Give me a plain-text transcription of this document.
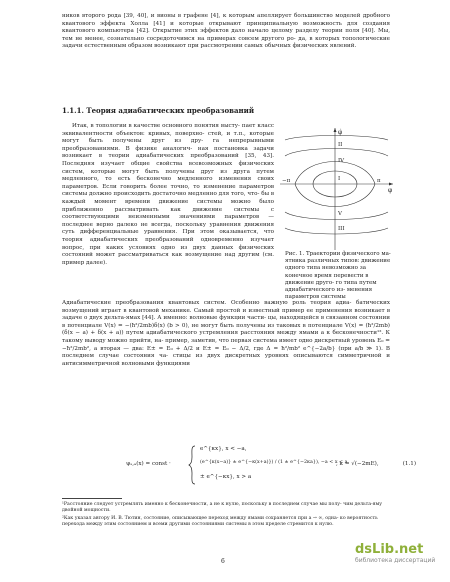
ников второго рода [39, 40], и вионы в графене [4], к которым апеллирует большинство моделей дробного квантового эффекта Холла [41] и которые открывают принципиальную возможность для создания квантового компьютера [42]. Открытие этих эффектов дало начало целому разделу теории поля [40]. Мы, тем не менее, сознательно сосредоточимся на примерах совсем другого ро- да, в которых топологические задачи естественным образом возникают при рассмотрении самых обычных физических явлений.

1.1.1. Теория адиабатических преобразований

Итак, в топологии в качестве основного понятия высту- пает класс эквивалентности объектов: кривых, поверхно- стей, и т.п., которые могут быть получены друг из дру- га непрерывными преобразованиями. В физике аналогич- ная постановка задачи возникает в теории адиабатических преобразований [35, 43]. Последняя изучает общие свойства всевозможных физических систем, которые могут быть получены друг из друга путем медленного, то есть бесконечно медленного изменения своих параметров. Если говорить более точно, то изменение параметров системы должно происходить достаточно медленно для того, что- бы в каждый момент времени движение системы можно было приближенно рассматривать как движение системы с соответствующими неизменными значениями параметров — последнее верно далеко не всегда, поскольку уравнения движения суть дифференциальные уравнения. При этом оказывается, что теория адиабатических преобразований одновременно изучает вопрос, при каких условиях одно из двух данных физических состояний может рассматриваться как возмущение над другим (см. пример далее).

φ̇
φ
−π	π
I
II
III
IV
V
Рис. 1. Траектории физического ма- ятника различных типов: движение одного типа невозможно за конечное время перевести в движение друго- го типа путем адиабатического из- менения параметров системы

Адиабатические преобразования квантовых систем. Особенно важную роль теория адиа- батических возмущений играет в квантовой механике. Самый простой и известный пример ее применения возникает в задаче о двух дельта-ямах [44]. А именно: волновые функции части- цы, находящейся в связанном состоянии в потенциале V(x) = −(ħ²/2mb)δ(x) (b > 0), не могут быть получены из таковых в потенциале V(x) = (ħ²/2mb)(δ(x − a) + δ(x + a)) путем адиабатического устремления расстояния между ямами a к бесконечности¹². К такому выводу можно прийти, на- пример, заметив, что первая система имеет одно дискретный уровень E₀ = −ħ²/2mb², а вторая — два: E± = E₀ + Δ/2 и E± = E₀ − Δ/2, где Δ = ħ²/mb² e^{−2a/b} (при a/b ≫ 1). В последнем случае состояния ча- стицы из двух дискретных уровнях описываются симметричной и антисимметричной волновыми функциями

ψₛ,ₐ(x) = const ·
e^{κx}, x < −a,
(e^{κ(x−a)} ± e^{−κ(x+a)}) / (1 ± e^{−2κa}), −a < x < a
± e^{−κx}, x > a
, κ = √(−2mE),	(1.1)
¹Расстояние следует устремлять именно к бесконечности, а не к нулю, поскольку в последнем случае мы полу- чим дельта-яму двойной мощности.
²Как указал автору И. В. Тютин, состояние, описывающее переход между ямами сохраняется при a → ∞, одна- ко вероятность перехода между этим состоянием и всеми другими состояниями системы в этом пределе стремится к нулю.
6
dsLib.net
библиотека диссертаций
